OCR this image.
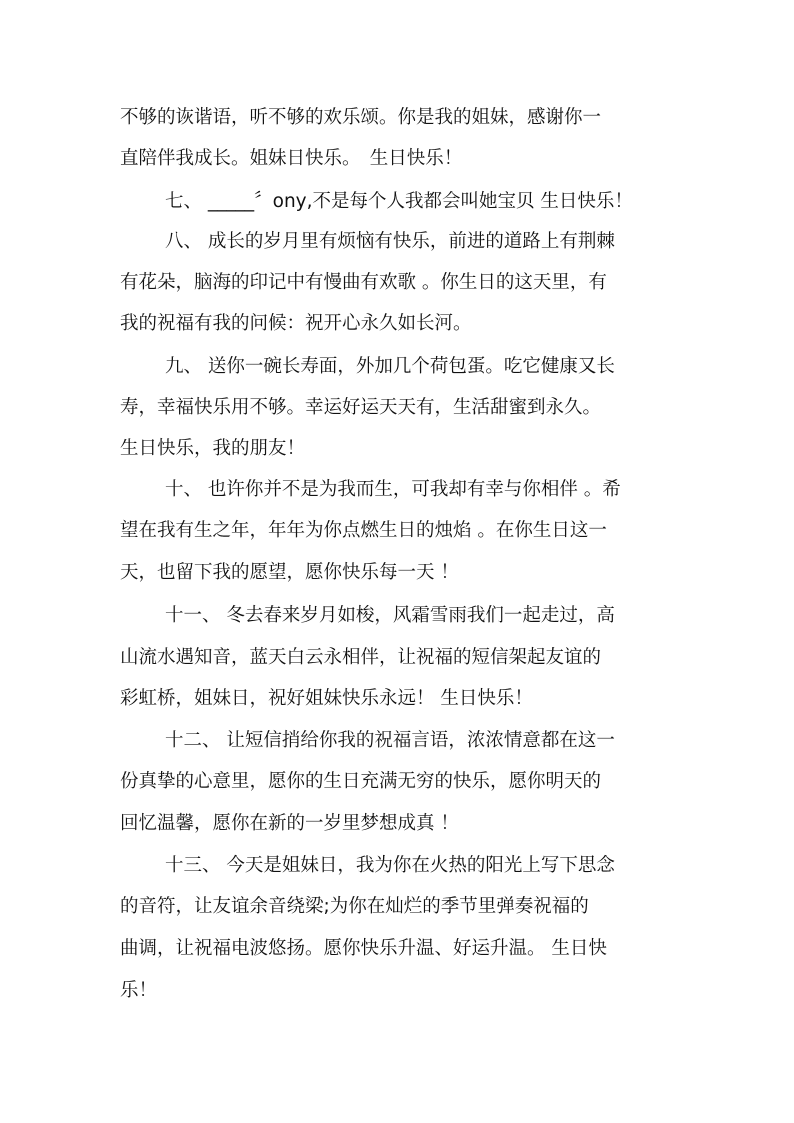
不够的诙谐语，听不够的欢乐颂。你是我的姐妹，感谢你一
直陪伴我成长。姐妹日快乐。　生日快乐！
七、 _____〞ony,不是每个人我都会叫她宝贝 生日快乐！
八、 成长的岁月里有烦恼有快乐，前进的道路上有荆棘
有花朵，脑海的印记中有慢曲有欢歌 。你生日的这天里，有
我的祝福有我的问候：祝开心永久如长河。
九、 送你一碗长寿面，外加几个荷包蛋。吃它健康又长
寿，幸福快乐用不够。幸运好运天天有，生活甜蜜到永久。
生日快乐，我的朋友！
十、 也许你并不是为我而生，可我却有幸与你相伴 。希
望在我有生之年，年年为你点燃生日的烛焰 。在你生日这一
天，也留下我的愿望，愿你快乐每一天 ！
十一、 冬去春来岁月如梭，风霜雪雨我们一起走过，高
山流水遇知音，蓝天白云永相伴，让祝福的短信架起友谊的
彩虹桥，姐妹日，祝好姐妹快乐永远！ 生日快乐！
十二、 让短信捎给你我的祝福言语，浓浓情意都在这一
份真挚的心意里，愿你的生日充满无穷的快乐，愿你明天的
回忆温馨，愿你在新的一岁里梦想成真 ！
十三、 今天是姐妹日，我为你在火热的阳光上写下思念
的音符，让友谊余音绕梁;为你在灿烂的季节里弹奏祝福的
曲调，让祝福电波悠扬。愿你快乐升温、好运升温。 生日快
乐！
